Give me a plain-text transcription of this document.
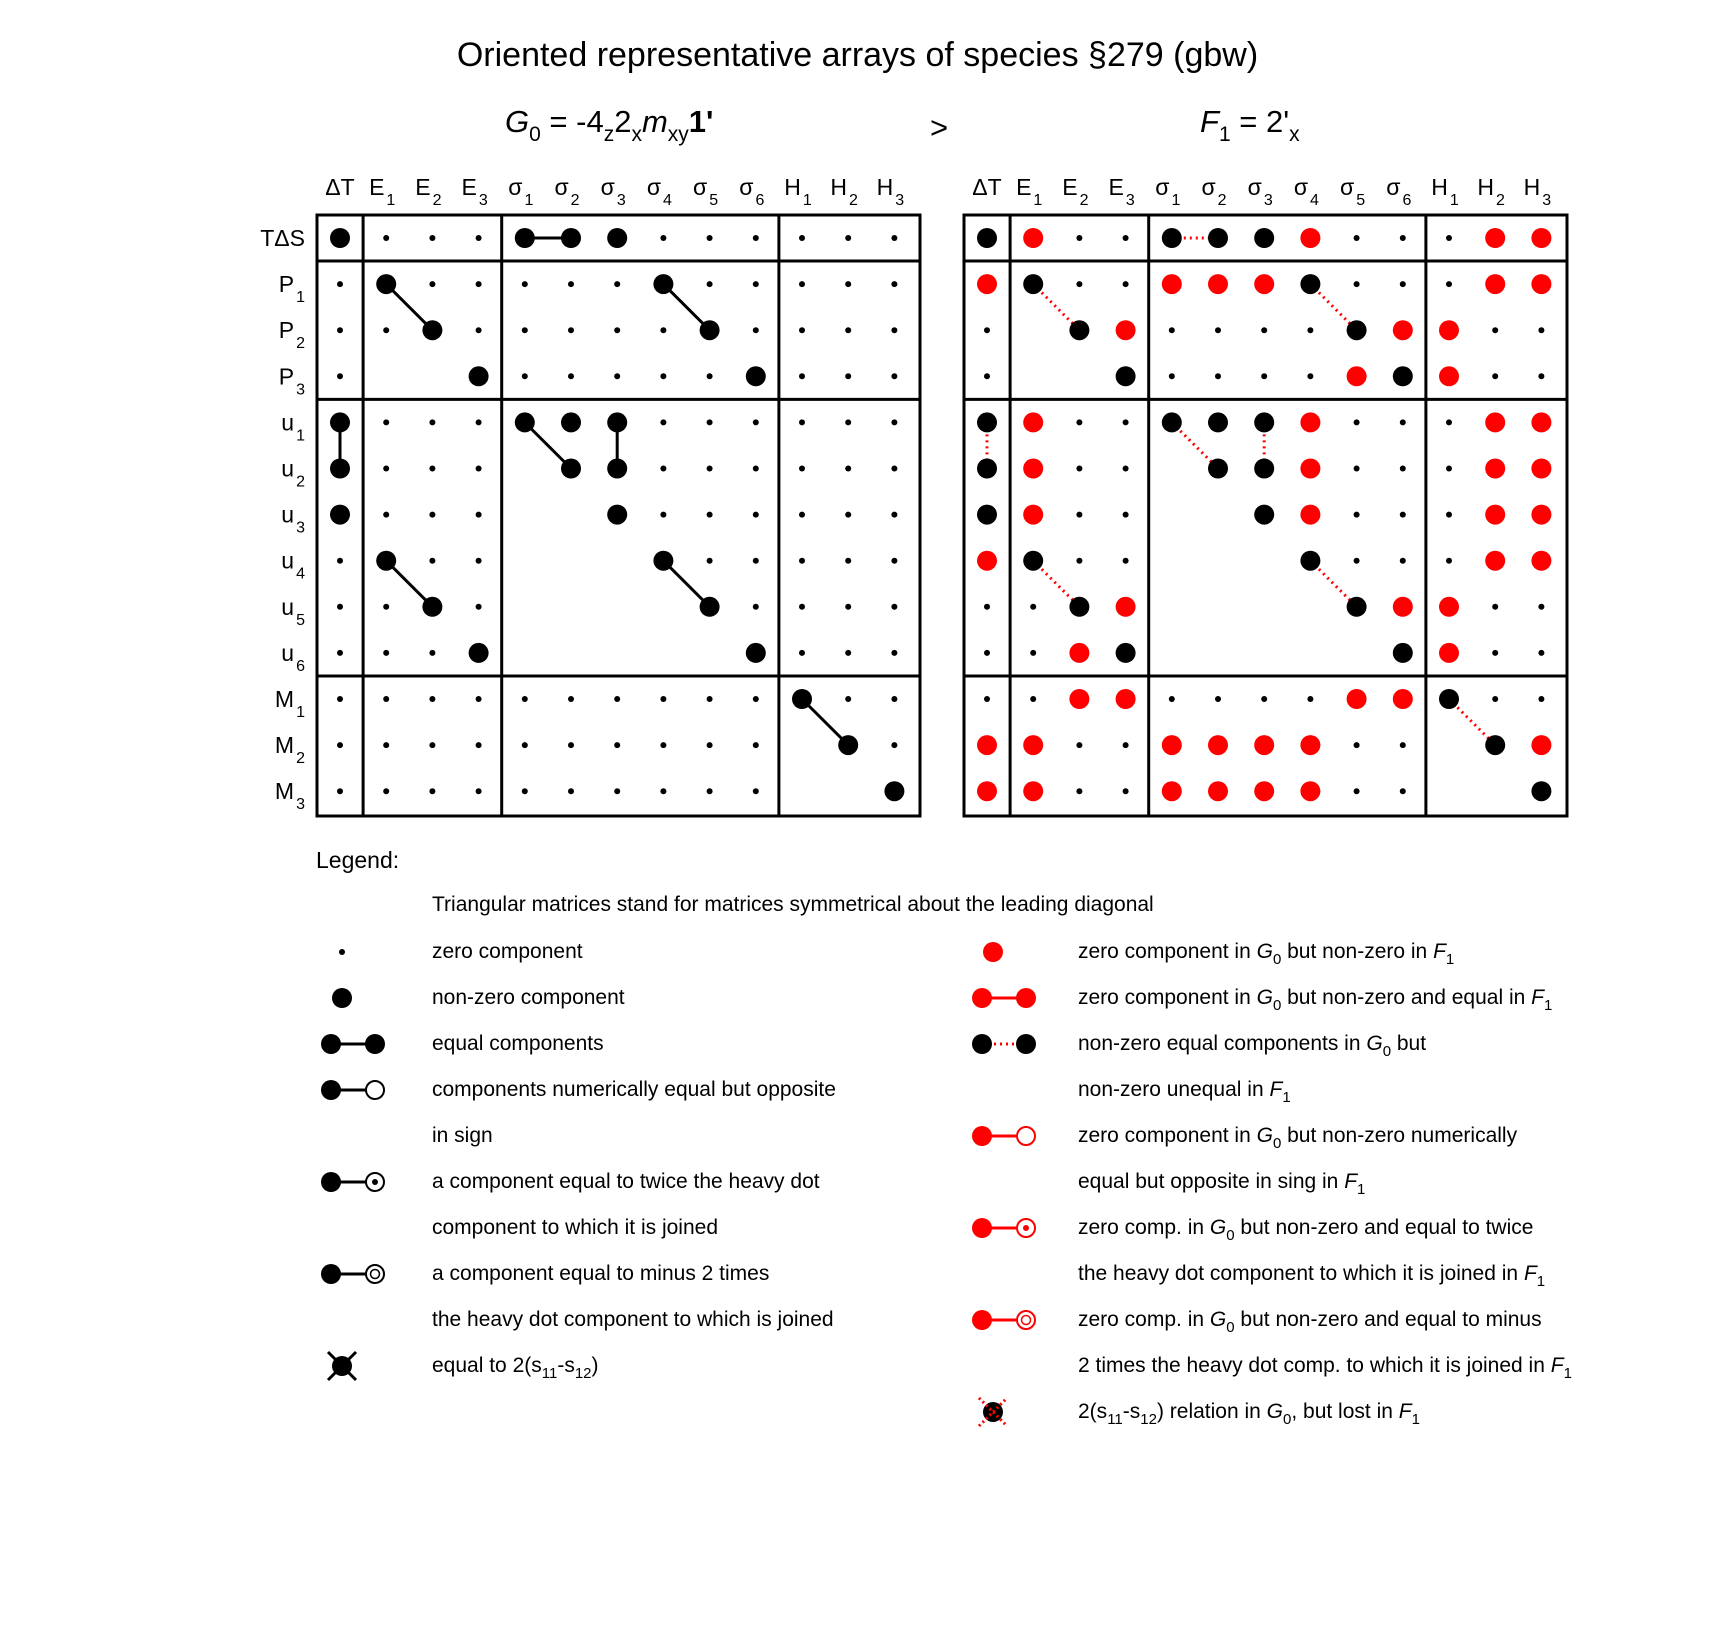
Oriented representative arrays of species §279 (gbw)
$G_0 = -4_z2_xm_{xy}1'$	>	$F_1 = 2'_x$
ΔT $E_1$
$E_2$
$E_3$
$\sigma_1$
$\sigma_2$
$\sigma_3$
$\sigma_4$
$\sigma_5$
$\sigma_6$
$H_1$
$H_2$
$H_3$
TΔS
$P_1$
$P_2$
$P_3$
$u_1$
$u_2$
$u_3$
$u_4$
$u_5$
$u_6$
$M_1$
$M_2$
$M_3$
ΔT $E_1$
$E_2$
$E_3$
$\sigma_1$
$\sigma_2$
$\sigma_3$
$\sigma_4$
$\sigma_5$
$\sigma_6$
$H_1$
$H_2$
$H_3$
Legend:
Triangular matrices stand for matrices symmetrical about the leading diagonal
zero component
non-zero component
equal components
components numerically equal but opposite
in sign
a component equal to twice the heavy dot
component to which it is joined
a component equal to minus 2 times
the heavy dot component to which is joined
equal to $2(s_{11}-s_{12})$
zero component in $G_0$ but non-zero in $F_1$
zero component in $G_0$ but non-zero and equal in $F_1$
non-zero equal components in $G_0$ but
non-zero unequal in $F_1$
zero component in $G_0$ but non-zero numerically
equal but opposite in sing in $F_1$
zero comp. in $G_0$ but non-zero and equal to twice
the heavy dot component to which it is joined in $F_1$
zero comp. in $G_0$ but non-zero and equal to minus
2 times the heavy dot comp. to which it is joined in $F_1$
$2(s_{11}-s_{12})$ relation in $G_0$, but lost in $F_1$
